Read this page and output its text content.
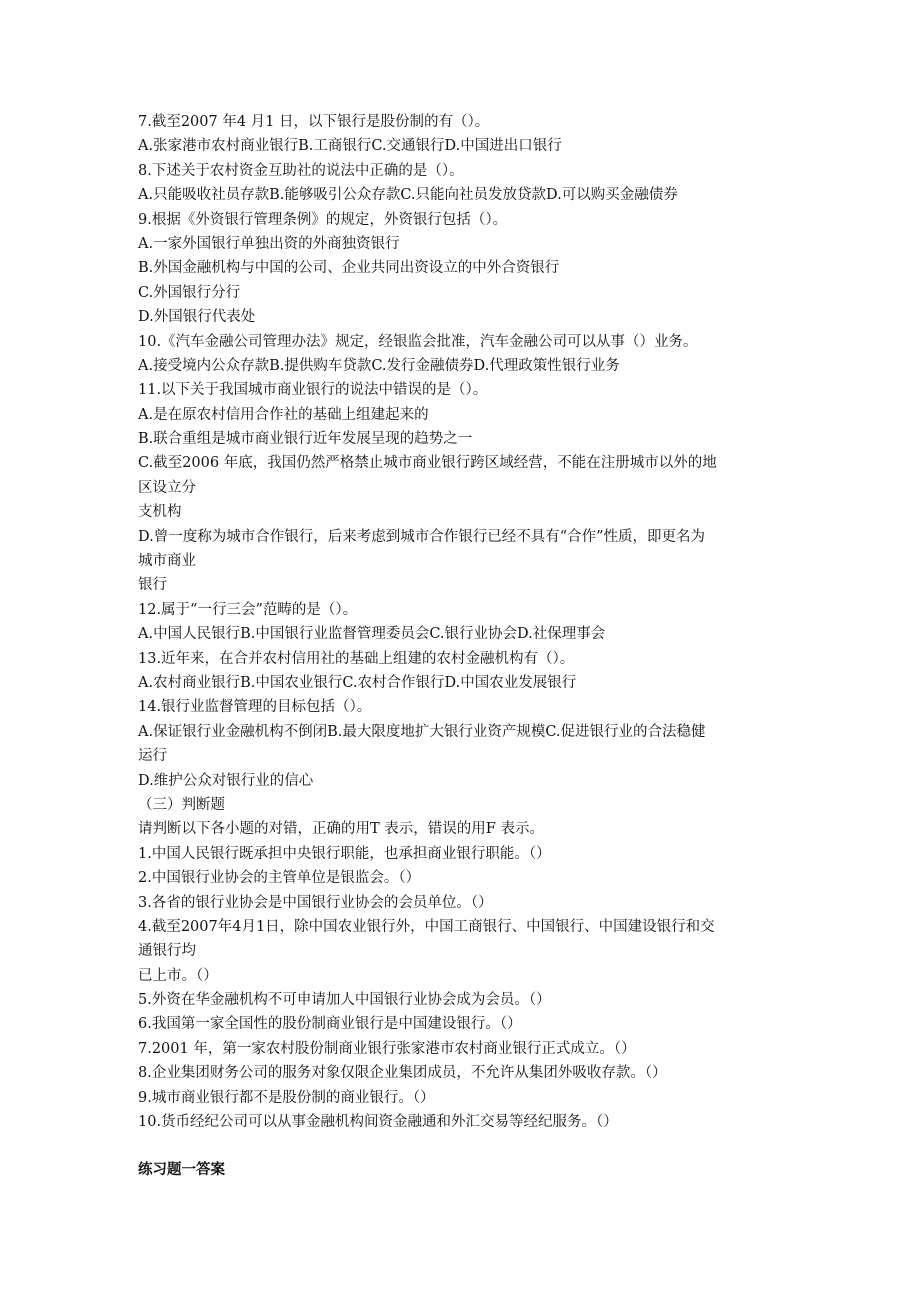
7.截至2007 年4 月1 日，以下银行是股份制的有（）。
A.张家港市农村商业银行B.工商银行C.交通银行D.中国进出口银行
8.下述关于农村资金互助社的说法中正确的是（）。
A.只能吸收社员存款B.能够吸引公众存款C.只能向社员发放贷款D.可以购买金融债券
9.根据《外资银行管理条例》的规定，外资银行包括（）。
A.一家外国银行单独出资的外商独资银行
B.外国金融机构与中国的公司、企业共同出资设立的中外合资银行
C.外国银行分行
D.外国银行代表处
10.《汽车金融公司管理办法》规定，经银监会批准，汽车金融公司可以从事（）业务。
A.接受境内公众存款B.提供购车贷款C.发行金融债券D.代理政策性银行业务
11.以下关于我国城市商业银行的说法中错误的是（）。
A.是在原农村信用合作社的基础上组建起来的
B.联合重组是城市商业银行近年发展呈现的趋势之一
C.截至2006 年底，我国仍然严格禁止城市商业银行跨区域经营，不能在注册城市以外的地
区设立分
支机构
D.曾一度称为城市合作银行，后来考虑到城市合作银行已经不具有“合作”性质，即更名为
城市商业
银行
12.属于“一行三会”范畴的是（）。
A.中国人民银行B.中国银行业监督管理委员会C.银行业协会D.社保理事会
13.近年来，在合并农村信用社的基础上组建的农村金融机构有（）。
A.农村商业银行B.中国农业银行C.农村合作银行D.中国农业发展银行
14.银行业监督管理的目标包括（）。
A.保证银行业金融机构不倒闭B.最大限度地扩大银行业资产规模C.促进银行业的合法稳健
运行
D.维护公众对银行业的信心
（三）判断题
请判断以下各小题的对错，正确的用T 表示，错误的用F 表示。
1.中国人民银行既承担中央银行职能，也承担商业银行职能。（）
2.中国银行业协会的主管单位是银监会。（）
3.各省的银行业协会是中国银行业协会的会员单位。（）
4.截至2007年4月1日，除中国农业银行外，中国工商银行、中国银行、中国建设银行和交
通银行均
已上市。（）
5.外资在华金融机构不可申请加人中国银行业协会成为会员。（）
6.我国第一家全国性的股份制商业银行是中国建设银行。（）
7.2001 年，第一家农村股份制商业银行张家港市农村商业银行正式成立。（）
8.企业集团财务公司的服务对象仅限企业集团成员，不允许从集团外吸收存款。（）
9.城市商业银行都不是股份制的商业银行。（）
10.货币经纪公司可以从事金融机构间资金融通和外汇交易等经纪服务。（）
练习题一答案
